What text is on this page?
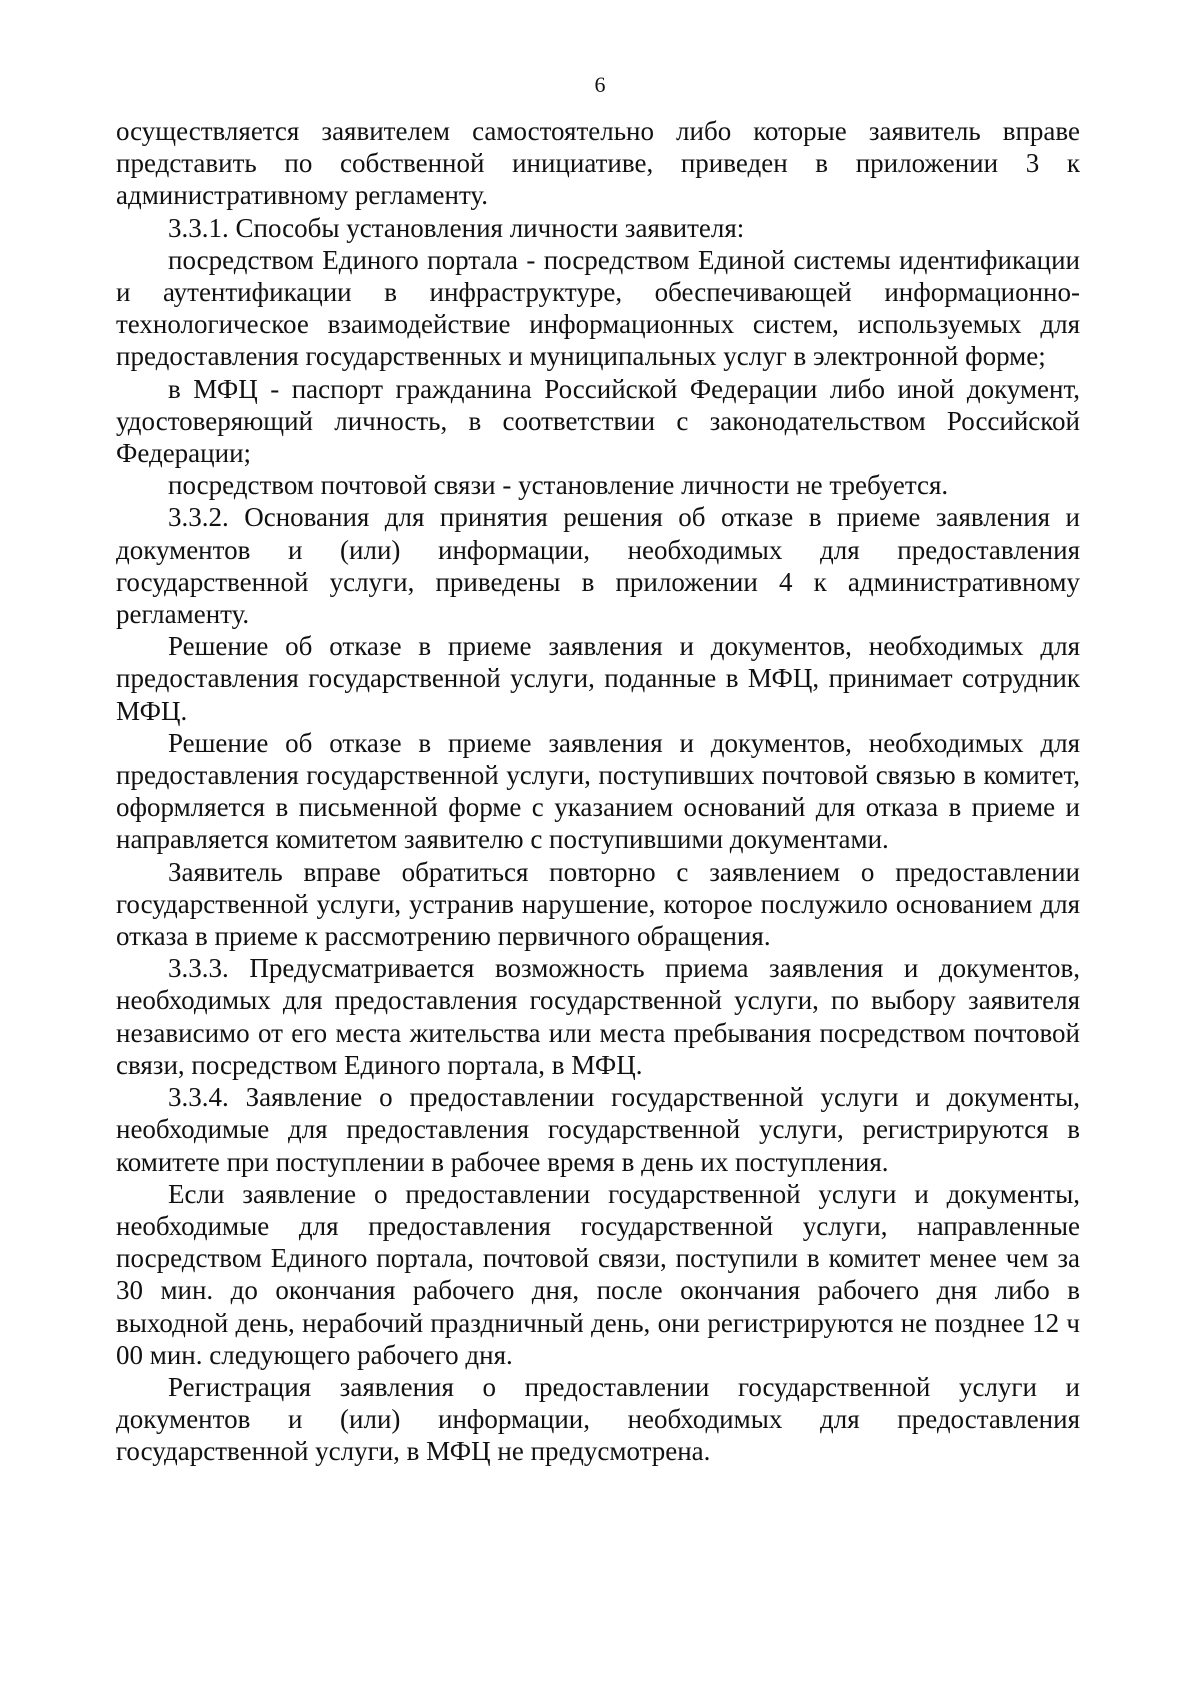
6

осуществляется заявителем самостоятельно либо которые заявитель вправе представить по собственной инициативе, приведен в приложении 3 к административному регламенту.

3.3.1. Способы установления личности заявителя:

посредством Единого портала - посредством Единой системы идентификации и аутентификации в инфраструктуре, обеспечивающей информационно-технологическое взаимодействие информационных систем, используемых для предоставления государственных и муниципальных услуг в электронной форме;

в МФЦ - паспорт гражданина Российской Федерации либо иной документ, удостоверяющий личность, в соответствии с законодательством Российской Федерации;

посредством почтовой связи - установление личности не требуется.

3.3.2. Основания для принятия решения об отказе в приеме заявления и документов и (или) информации, необходимых для предоставления государственной услуги, приведены в приложении 4 к административному регламенту.

Решение об отказе в приеме заявления и документов, необходимых для предоставления государственной услуги, поданные в МФЦ, принимает сотрудник МФЦ.

Решение об отказе в приеме заявления и документов, необходимых для предоставления государственной услуги, поступивших почтовой связью в комитет, оформляется в письменной форме с указанием оснований для отказа в приеме и направляется комитетом заявителю с поступившими документами.

Заявитель вправе обратиться повторно с заявлением о предоставлении государственной услуги, устранив нарушение, которое послужило основанием для отказа в приеме к рассмотрению первичного обращения.

3.3.3. Предусматривается возможность приема заявления и документов, необходимых для предоставления государственной услуги, по выбору заявителя независимо от его места жительства или места пребывания посредством почтовой связи, посредством Единого портала, в МФЦ.

3.3.4. Заявление о предоставлении государственной услуги и документы, необходимые для предоставления государственной услуги, регистрируются в комитете при поступлении в рабочее время в день их поступления.

Если заявление о предоставлении государственной услуги и документы, необходимые для предоставления государственной услуги, направленные посредством Единого портала, почтовой связи, поступили в комитет менее чем за 30 мин. до окончания рабочего дня, после окончания рабочего дня либо в выходной день, нерабочий праздничный день, они регистрируются не позднее 12 ч 00 мин. следующего рабочего дня.

Регистрация заявления о предоставлении государственной услуги и документов и (или) информации, необходимых для предоставления государственной услуги, в МФЦ не предусмотрена.
